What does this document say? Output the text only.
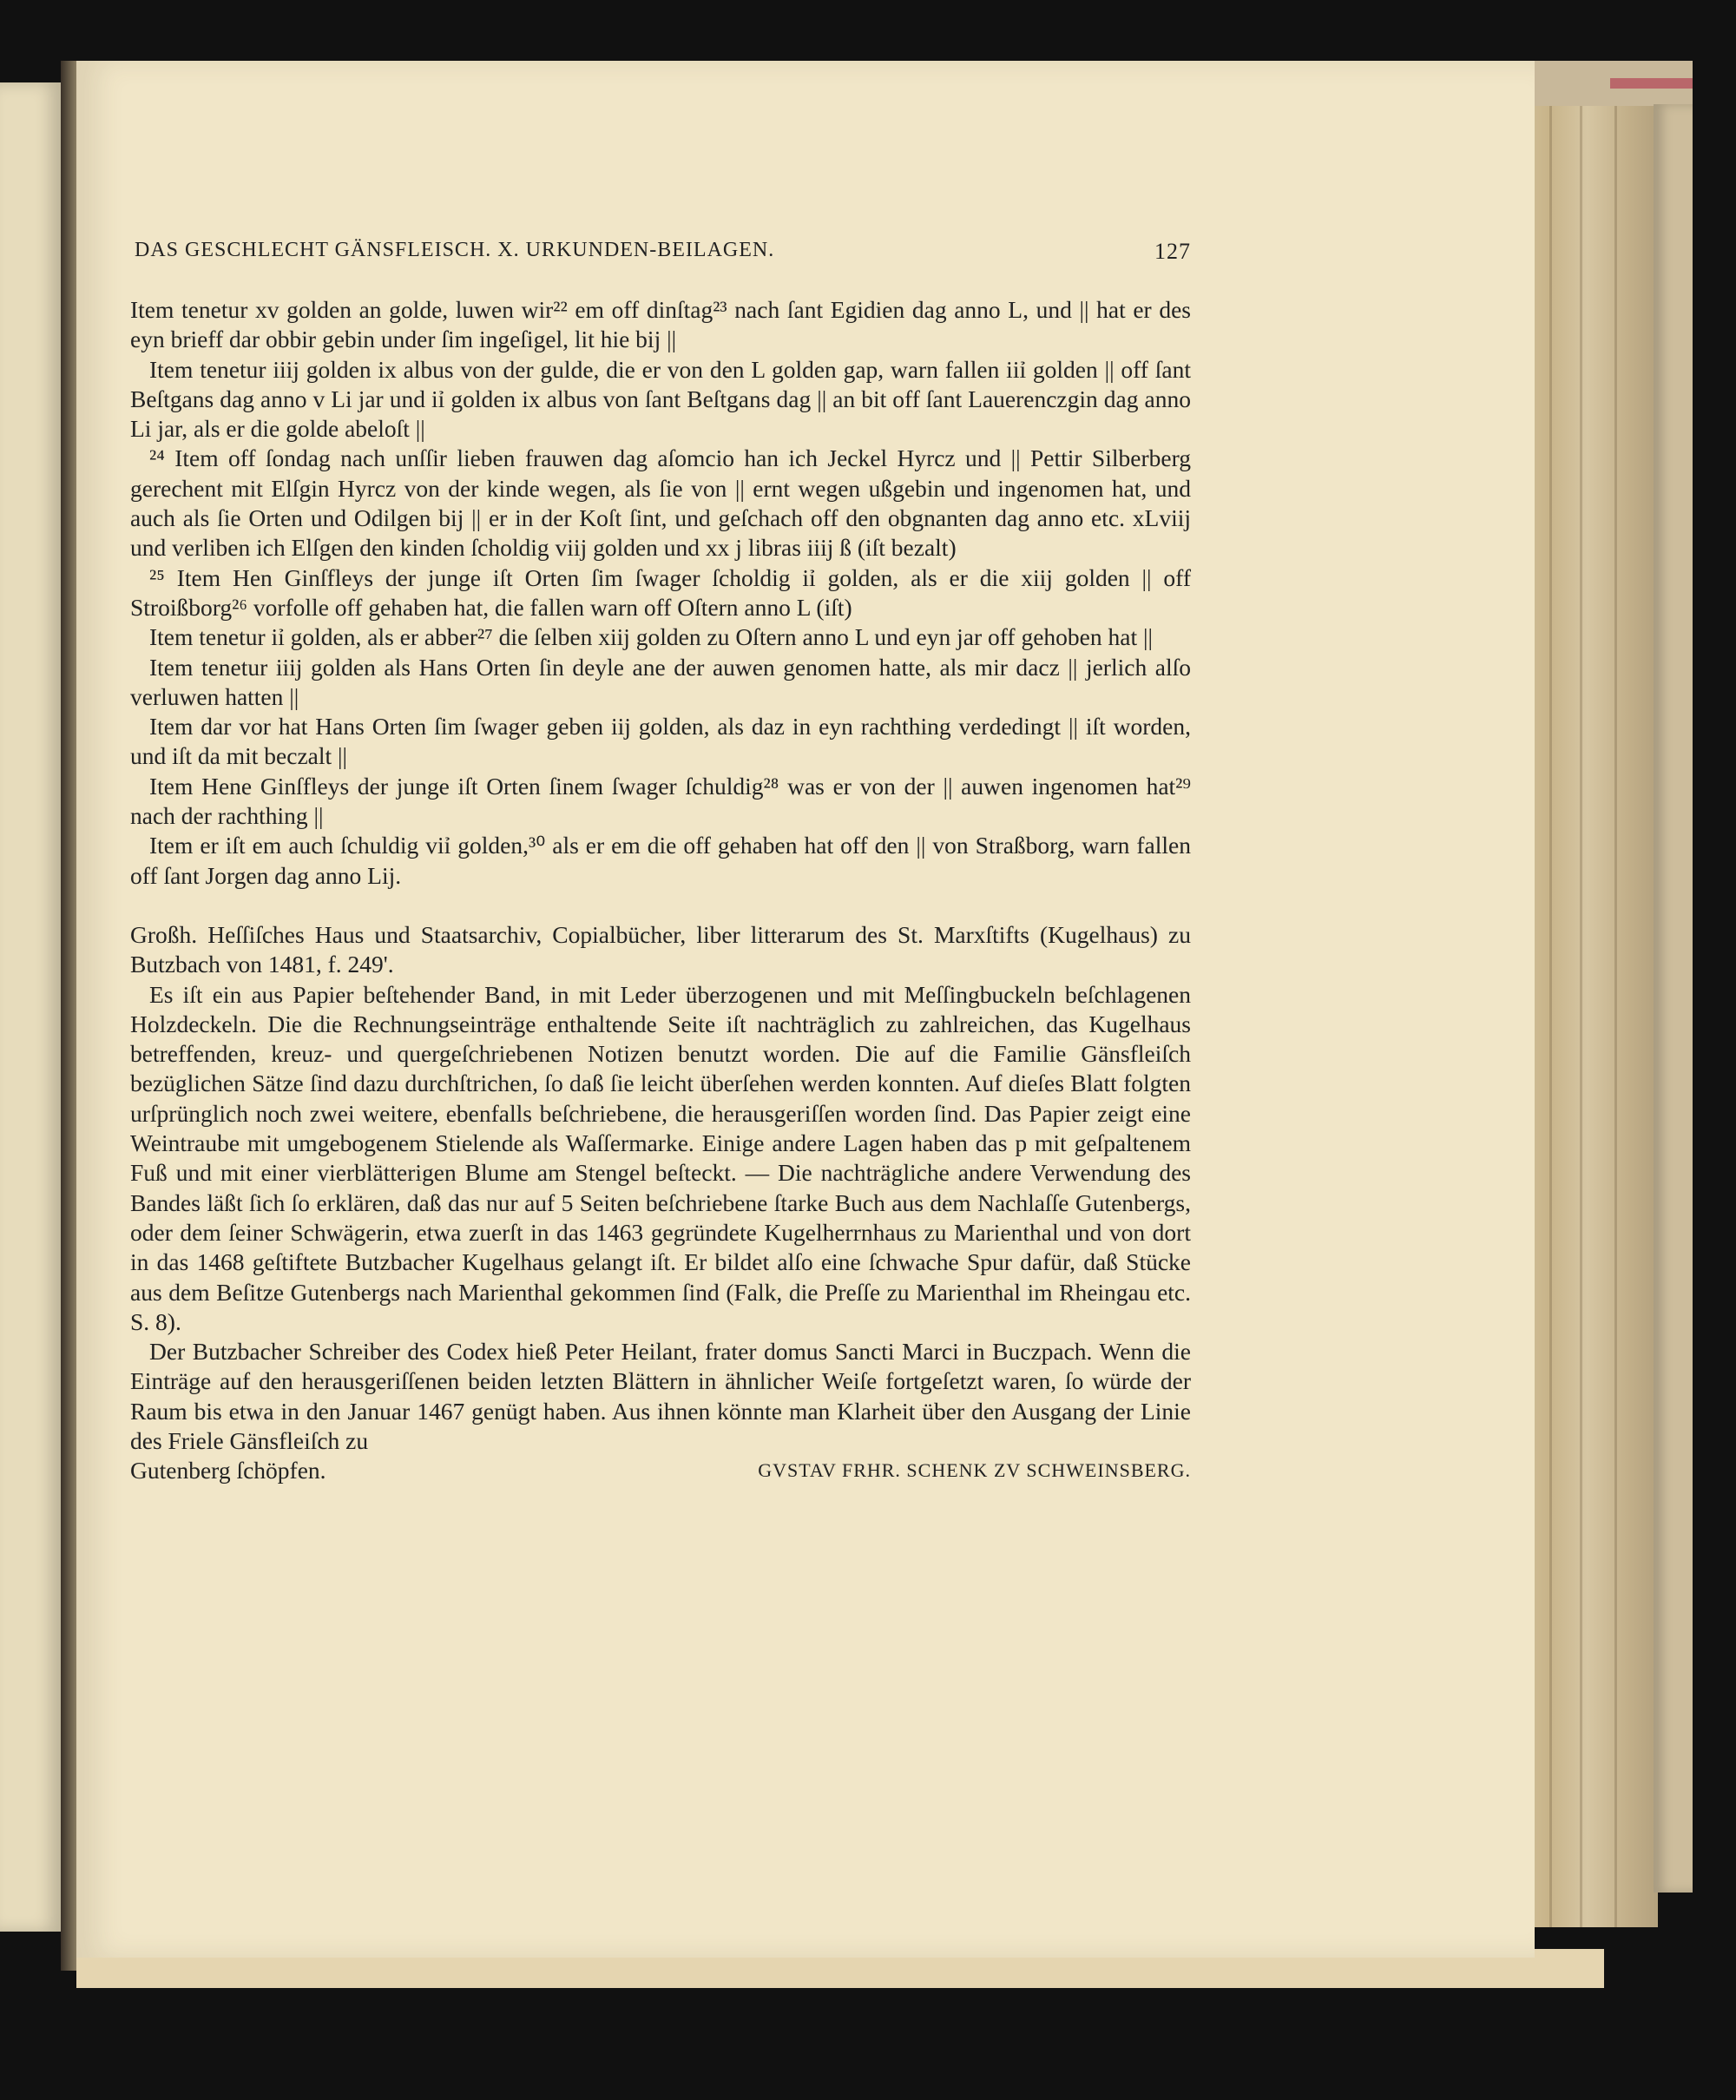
DAS GESCHLECHT GÄNSFLEISCH. X. URKUNDEN-BEILAGEN.	127

Item tenetur xv golden an golde, luwen wir²² em off dinſtag²³ nach ſant Egidien dag anno L, und || hat er des eyn brieff dar obbir gebin under ſim ingeſigel, lit hie bij ||

Item tenetur iiij golden ix albus von der gulde, die er von den L golden gap, warn fallen iiỉ golden || off ſant Beſtgans dag anno v Li jar und iỉ golden ix albus von ſant Beſtgans dag || an bit off ſant Lauerenczgin dag anno Li jar, als er die golde abeloſt ||

²⁴ Item off ſondag nach unſſir lieben frauwen dag aſomcio han ich Jeckel Hyrcz und || Pettir Silberberg gerechent mit Elſgin Hyrcz von der kinde wegen, als ſie von || ernt wegen ußgebin und ingenomen hat, und auch als ſie Orten und Odilgen bij || er in der Koſt ſint, und geſchach off den obgnanten dag anno etc. xLviij und verliben ich Elſgen den kinden ſcholdig viij golden und xx j libras iiij ß (iſt bezalt)

²⁵ Item Hen Ginſfleys der junge iſt Orten ſim ſwager ſcholdig iỉ golden, als er die xiij golden || off Stroißborg²⁶ vorfolle off gehaben hat, die fallen warn off Oſtern anno L (iſt)

Item tenetur iỉ golden, als er abber²⁷ die ſelben xiij golden zu Oſtern anno L und eyn jar off gehoben hat ||

Item tenetur iiij golden als Hans Orten ſin deyle ane der auwen genomen hatte, als mir dacz || jerlich alſo verluwen hatten ||

Item dar vor hat Hans Orten ſim ſwager geben iij golden, als daz in eyn rachthing verdedingt || iſt worden, und iſt da mit beczalt ||

Item Hene Ginſfleys der junge iſt Orten ſinem ſwager ſchuldig²⁸ was er von der || auwen ingenomen hat²⁹ nach der rachthing ||

Item er iſt em auch ſchuldig viỉ golden,³⁰ als er em die off gehaben hat off den || von Straßborg, warn fallen off ſant Jorgen dag anno Lij.

Großh. Heſſiſches Haus und Staatsarchiv, Copialbücher, liber litterarum des St. Marxſtifts (Kugelhaus) zu Butzbach von 1481, f. 249'.

Es iſt ein aus Papier beſtehender Band, in mit Leder überzogenen und mit Meſſingbuckeln beſchlagenen Holzdeckeln. Die die Rechnungseinträge enthaltende Seite iſt nachträglich zu zahlreichen, das Kugelhaus betreffenden, kreuz- und quergeſchriebenen Notizen benutzt worden. Die auf die Familie Gänsfleiſch bezüglichen Sätze ſind dazu durchſtrichen, ſo daß ſie leicht überſehen werden konnten. Auf dieſes Blatt folgten urſprünglich noch zwei weitere, ebenfalls beſchriebene, die herausgeriſſen worden ſind. Das Papier zeigt eine Weintraube mit umgebogenem Stielende als Waſſermarke. Einige andere Lagen haben das p mit geſpaltenem Fuß und mit einer vierblätterigen Blume am Stengel beſteckt. — Die nachträgliche andere Verwendung des Bandes läßt ſich ſo erklären, daß das nur auf 5 Seiten beſchriebene ſtarke Buch aus dem Nachlaſſe Gutenbergs, oder dem ſeiner Schwägerin, etwa zuerſt in das 1463 gegründete Kugelherrnhaus zu Marienthal und von dort in das 1468 geſtiftete Butzbacher Kugelhaus gelangt iſt. Er bildet alſo eine ſchwache Spur dafür, daß Stücke aus dem Beſitze Gutenbergs nach Marienthal gekommen ſind (Falk, die Preſſe zu Marienthal im Rheingau etc. S. 8).

Der Butzbacher Schreiber des Codex hieß Peter Heilant, frater domus Sancti Marci in Buczpach. Wenn die Einträge auf den herausgeriſſenen beiden letzten Blättern in ähnlicher Weiſe fortgeſetzt waren, ſo würde der Raum bis etwa in den Januar 1467 genügt haben. Aus ihnen könnte man Klarheit über den Ausgang der Linie des Friele Gänsfleiſch zu

Gutenberg ſchöpfen.	GVSTAV FRHR. SCHENK ZV SCHWEINSBERG.
